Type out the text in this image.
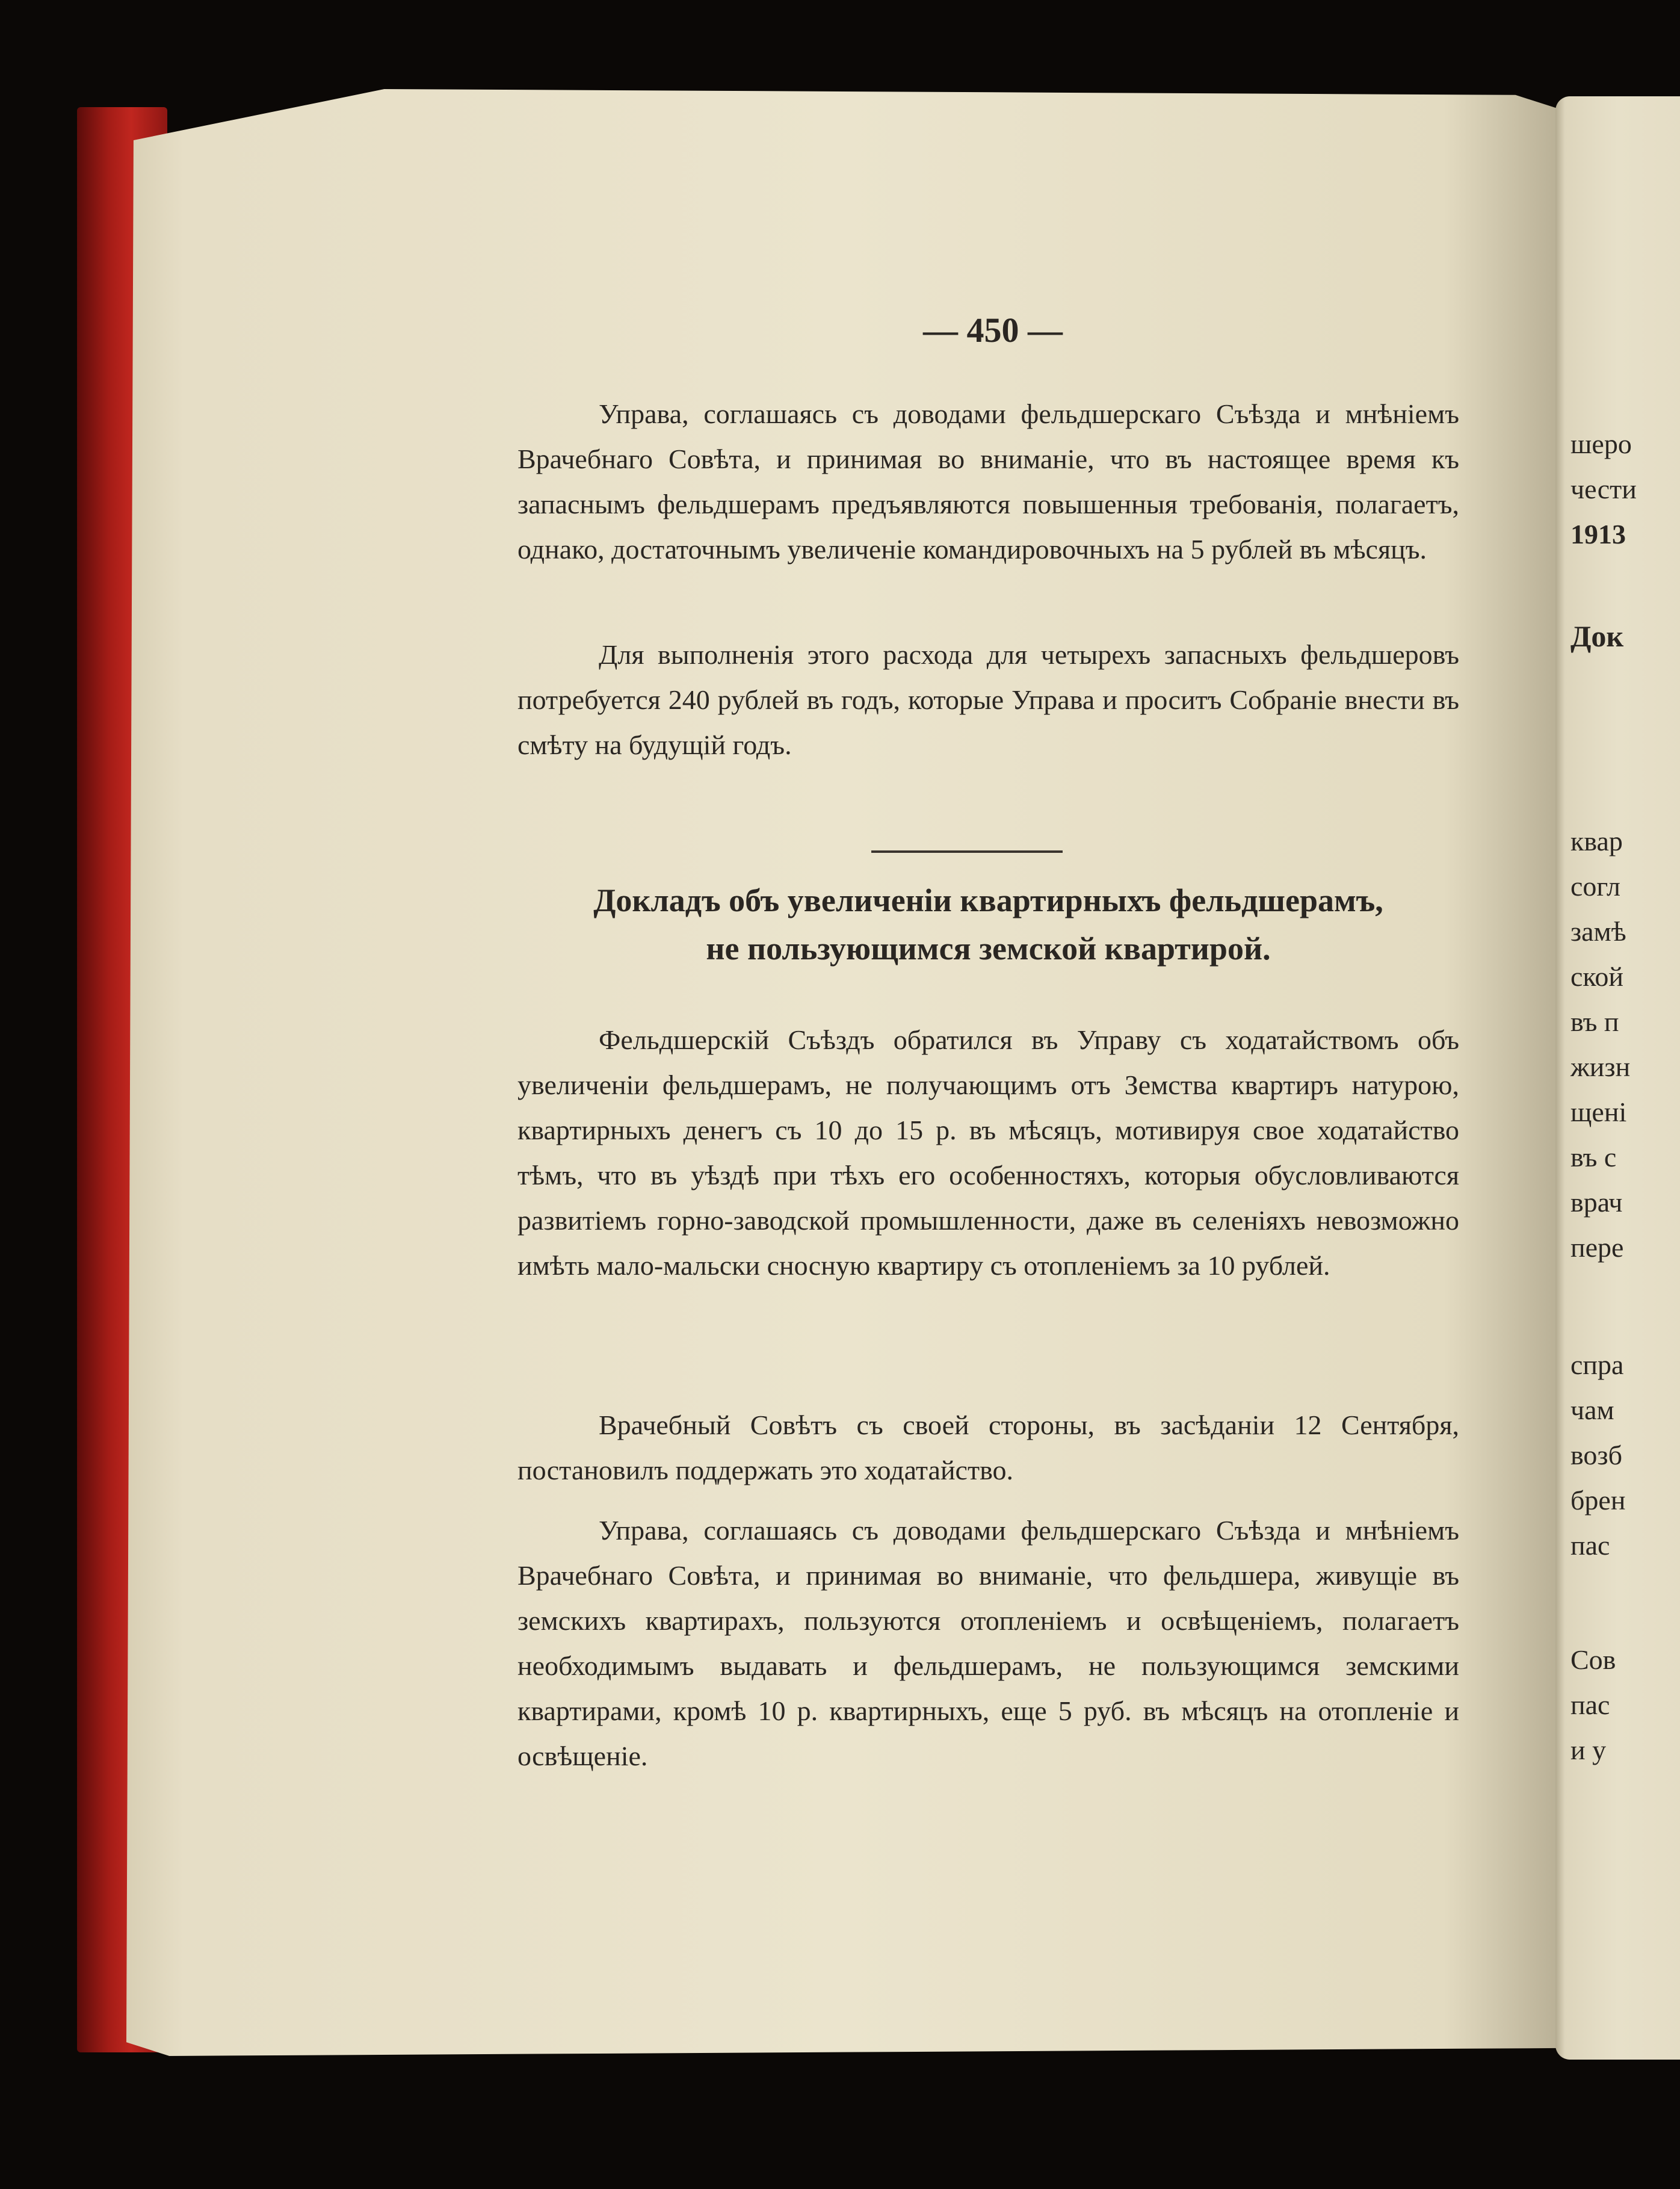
— 450 —

Управа, соглашаясь съ доводами фельдшерскаго Съѣзда и мнѣніемъ Врачебнаго Совѣта, и принимая во вниманіе, что въ настоящее время къ запаснымъ фельдшерамъ предъявляются повышенныя требованія, полагаетъ, однако, достаточнымъ увеличеніе командировочныхъ на 5 рублей въ мѣсяцъ.

Для выполненія этого расхода для четырехъ запасныхъ фельдшеровъ потребуется 240 рублей въ годъ, которые Управа и проситъ Собраніе внести въ смѣту на будущій годъ.

Докладъ объ увеличеніи квартирныхъ фельдшерамъ,

не пользующимся земской квартирой.

Фельдшерскій Съѣздъ обратился въ Управу съ ходатайствомъ объ увеличеніи фельдшерамъ, не получающимъ отъ Земства квартиръ натурою, квартирныхъ денегъ съ 10 до 15 р. въ мѣсяцъ, мотивируя свое ходатайство тѣмъ, что въ уѣздѣ при тѣхъ его особенностяхъ, которыя обусловливаются развитіемъ горно-заводской промышленности, даже въ селеніяхъ невозможно имѣть мало-мальски сносную квартиру съ отопленіемъ за 10 рублей.

Врачебный Совѣтъ съ своей стороны, въ засѣданіи 12 Сентября, постановилъ поддержать это ходатайство.

Управа, соглашаясь съ доводами фельдшерскаго Съѣзда и мнѣніемъ Врачебнаго Совѣта, и принимая во вниманіе, что фельдшера, живущіе въ земскихъ квартирахъ, пользуются отопленіемъ и освѣщеніемъ, полагаетъ необходимымъ выдавать и фельдшерамъ, не пользующимся земскими квартирами, кромѣ 10 р. квартирныхъ, еще 5 руб. въ мѣсяцъ на отопленіе и освѣщеніе.

шеро
чести
1913
Док
квар
согл
замѣ
ской
въ п
жизн
щені
въ с
врач
пере
спра
чам
возб
брен
пас
Сов
пас
и у
